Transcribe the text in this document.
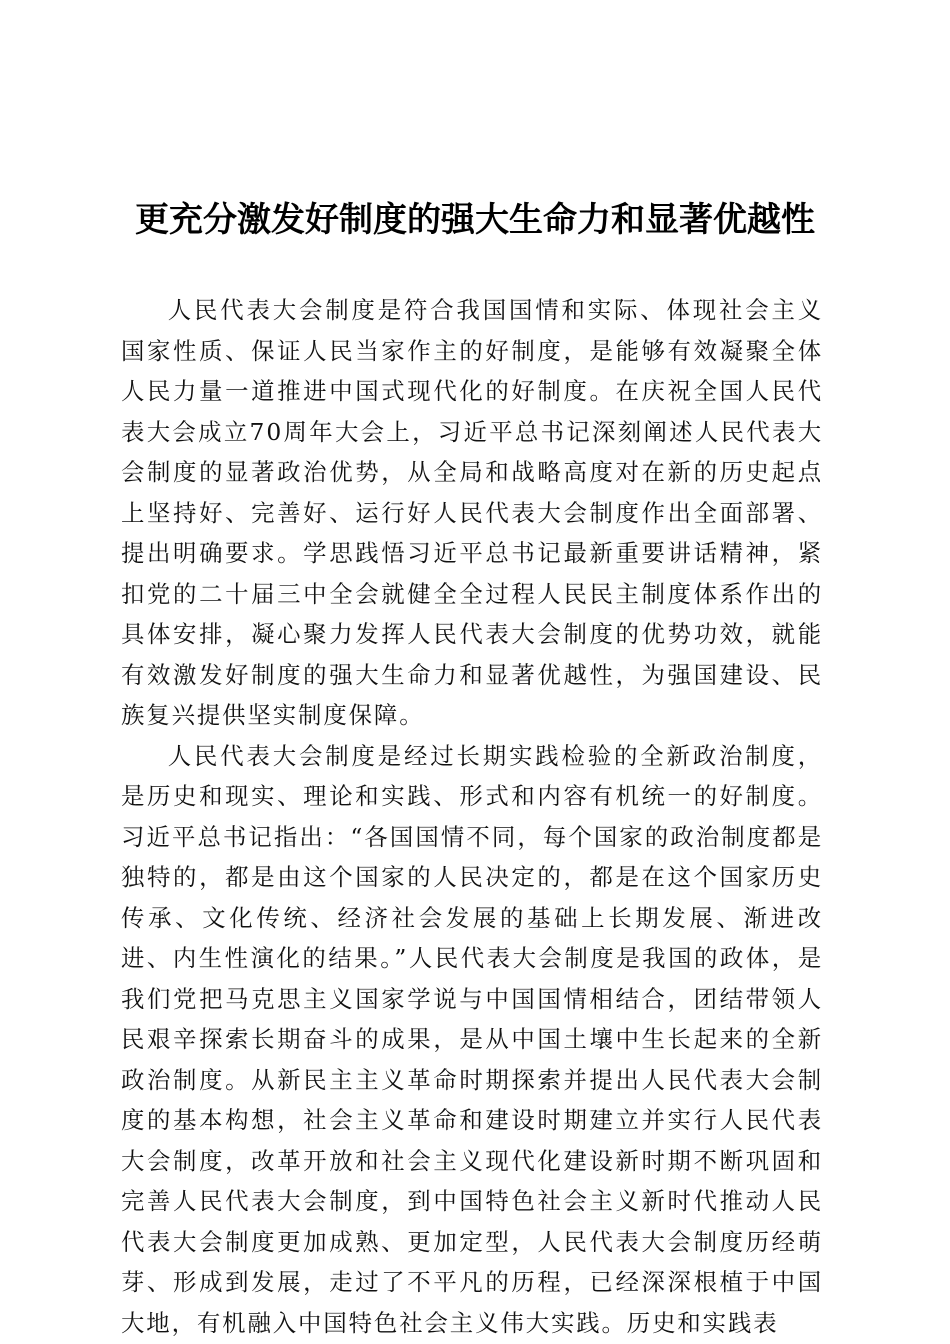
更充分激发好制度的强大生命力和显著优越性

人民代表大会制度是符合我国国情和实际、体现社会主义国家性质、保证人民当家作主的好制度，是能够有效凝聚全体人民力量一道推进中国式现代化的好制度。在庆祝全国人民代表大会成立70周年大会上，习近平总书记深刻阐述人民代表大会制度的显著政治优势，从全局和战略高度对在新的历史起点上坚持好、完善好、运行好人民代表大会制度作出全面部署、提出明确要求。学思践悟习近平总书记最新重要讲话精神，紧扣党的二十届三中全会就健全全过程人民民主制度体系作出的具体安排，凝心聚力发挥人民代表大会制度的优势功效，就能有效激发好制度的强大生命力和显著优越性，为强国建设、民族复兴提供坚实制度保障。

人民代表大会制度是经过长期实践检验的全新政治制度，是历史和现实、理论和实践、形式和内容有机统一的好制度。习近平总书记指出：“各国国情不同，每个国家的政治制度都是独特的，都是由这个国家的人民决定的，都是在这个国家历史传承、文化传统、经济社会发展的基础上长期发展、渐进改进、内生性演化的结果。”人民代表大会制度是我国的政体，是我们党把马克思主义国家学说与中国国情相结合，团结带领人民艰辛探索长期奋斗的成果，是从中国土壤中生长起来的全新政治制度。从新民主主义革命时期探索并提出人民代表大会制度的基本构想，社会主义革命和建设时期建立并实行人民代表大会制度，改革开放和社会主义现代化建设新时期不断巩固和完善人民代表大会制度，到中国特色社会主义新时代推动人民代表大会制度更加成熟、更加定型，人民代表大会制度历经萌芽、形成到发展，走过了不平凡的历程，已经深深根植于中国大地，有机融入中国特色社会主义伟大实践。历史和实践表
